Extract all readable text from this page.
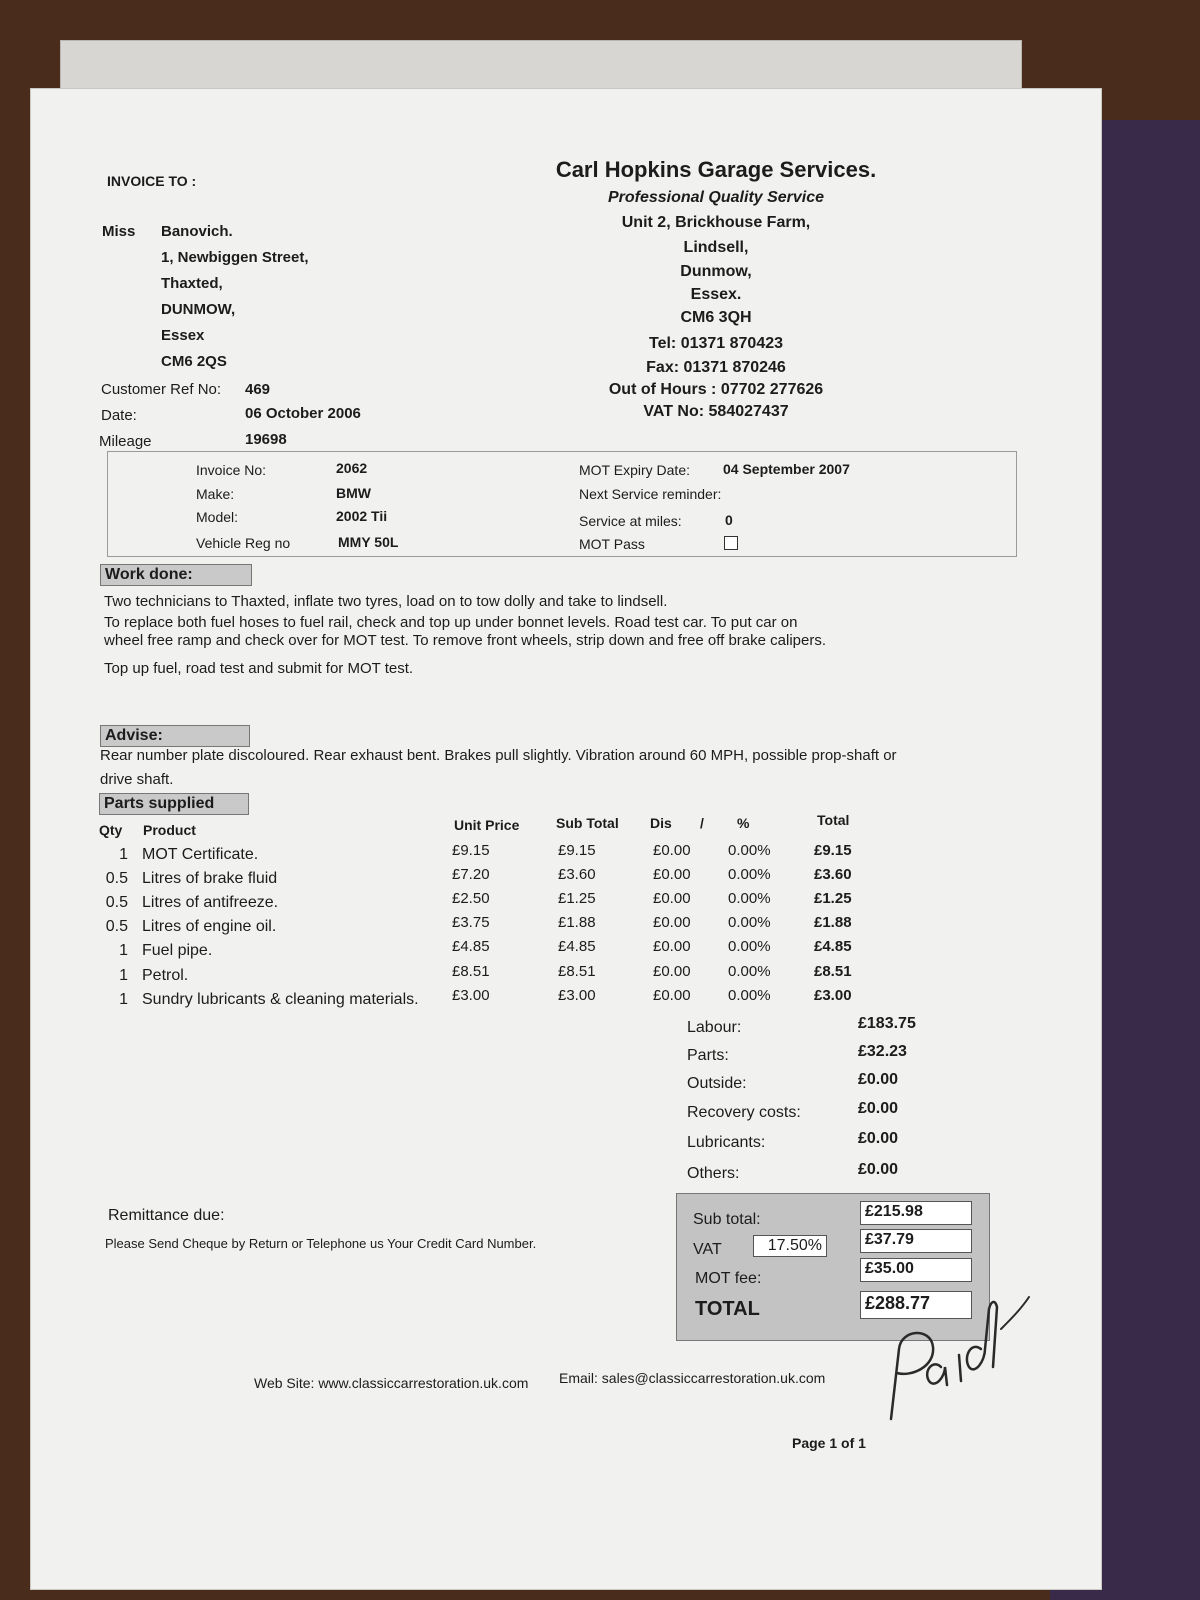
INVOICE TO :
Miss Banovich.
1, Newbiggen Street,
Thaxted,
DUNMOW,
Essex
CM6 2QS
Customer Ref No: 469
Date:	06 October 2006
Mileage	19698
Carl Hopkins Garage Services.
Professional Quality Service
Unit 2, Brickhouse Farm,
Lindsell,
Dunmow,
Essex.
CM6 3QH
Tel: 01371 870423
Fax: 01371 870246
Out of Hours : 07702 277626
VAT No: 584027437
Invoice No:	2062
Make:	BMW
Model:	2002 Tii
Vehicle Reg no	MMY 50L
MOT Expiry Date: 04 September 2007
Next Service reminder:
Service at miles:	0
MOT Pass
Work done:
Two technicians to Thaxted, inflate two tyres, load on to tow dolly and take to lindsell.
To replace both fuel hoses to fuel rail, check and top up under bonnet levels. Road test car. To put car on
wheel free ramp and check over for MOT test. To remove front wheels, strip down and free off brake calipers.
Top up fuel, road test and submit for MOT test.
Advise:
Rear number plate discoloured. Rear exhaust bent. Brakes pull slightly. Vibration around 60 MPH, possible prop-shaft or
drive shaft.
Parts supplied
Qty Product	Unit Price	Sub Total Dis / %	Total
Remittance due:
Please Send Cheque by Return or Telephone us Your Credit Card Number.
Sub total:	£215.98
VAT	17.50%	£37.79
MOT fee:
£35.00
TOTAL	£288.77
Web Site: www.classiccarrestoration.uk.com Email: sales@classiccarrestoration.uk.com
Page 1 of 1
1 MOT Certificate.	£9.15	£9.15	£0.00 0.00%	£9.15
0.5 Litres of brake fluid	£7.20	£3.60	£0.00 0.00%	£3.60
0.5 Litres of antifreeze.	£2.50	£1.25	£0.00 0.00%	£1.25
0.5 Litres of engine oil.	£3.75	£1.88	£0.00 0.00%	£1.88
1 Fuel pipe.	£4.85	£4.85	£0.00 0.00%	£4.85
1 Petrol.	£8.51	£8.51	£0.00 0.00%	£8.51
1 Sundry lubricants & cleaning materials. £3.00	£3.00	£0.00 0.00%	£3.00
Labour:	£183.75
Parts:	£32.23
Outside:	£0.00
Recovery costs:	£0.00
Lubricants:	£0.00
Others:	£0.00
